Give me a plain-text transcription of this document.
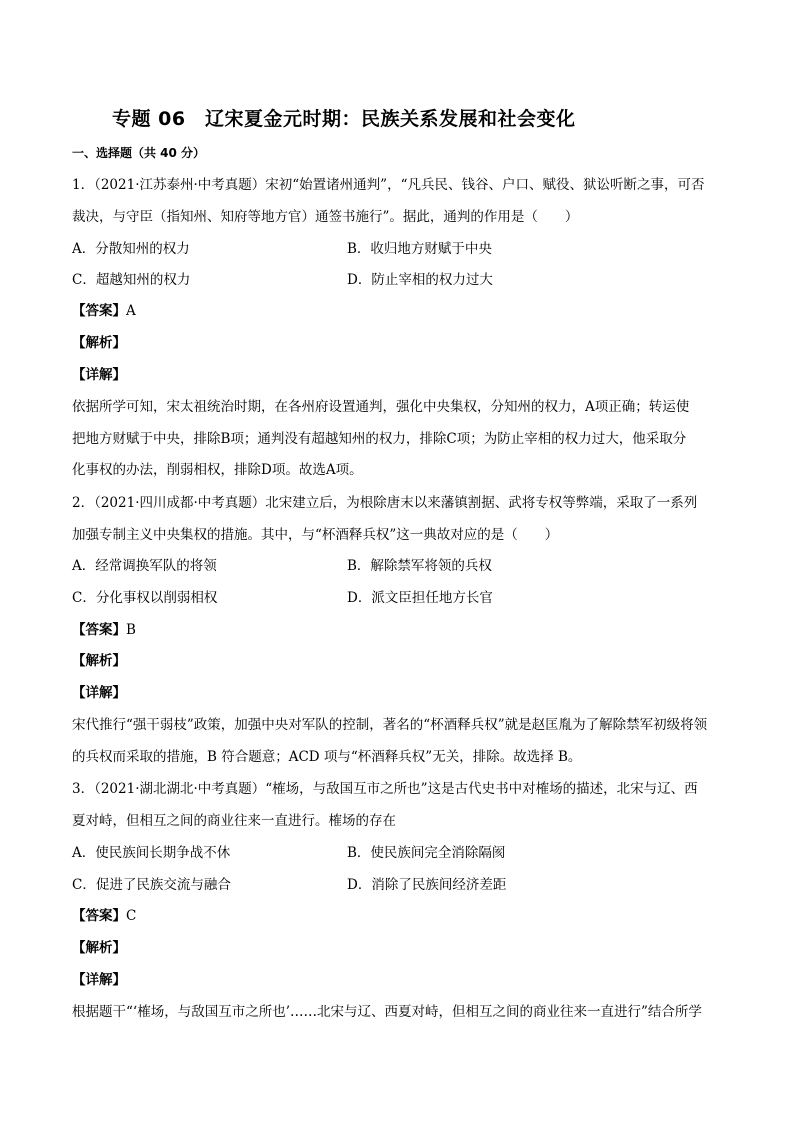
专题 06　辽宋夏金元时期：民族关系发展和社会变化
一、选择题（共 40 分）
1．（2021·江苏泰州·中考真题）宋初“始置诸州通判”，“凡兵民、钱谷、户口、赋役、狱讼听断之事，可否
裁决，与守臣（指知州、知府等地方官）通签书施行”。据此，通判的作用是（　　）
A．分散知州的权力	B．收归地方财赋于中央
C．超越知州的权力	D．防止宰相的权力过大
【答案】A
【解析】
【详解】
依据所学可知，宋太祖统治时期，在各州府设置通判，强化中央集权，分知州的权力，A项正确；转运使
把地方财赋于中央，排除B项；通判没有超越知州的权力，排除C项；为防止宰相的权力过大，他采取分
化事权的办法，削弱相权，排除D项。故选A项。
2．（2021·四川成都·中考真题）北宋建立后，为根除唐末以来藩镇割据、武将专权等弊端，采取了一系列
加强专制主义中央集权的措施。其中，与“杯酒释兵权”这一典故对应的是（　　）
A．经常调换军队的将领	B．解除禁军将领的兵权
C．分化事权以削弱相权	D．派文臣担任地方长官
【答案】B
【解析】
【详解】
宋代推行“强干弱枝”政策，加强中央对军队的控制，著名的“杯酒释兵权”就是赵匡胤为了解除禁军初级将领
的兵权而采取的措施，B 符合题意；ACD 项与“杯酒释兵权”无关，排除。故选择 B。
3．（2021·湖北湖北·中考真题）“榷场，与敌国互市之所也”这是古代史书中对榷场的描述，北宋与辽、西
夏对峙，但相互之间的商业往来一直进行。榷场的存在
A．使民族间长期争战不休	B．使民族间完全消除隔阂
C．促进了民族交流与融合	D．消除了民族间经济差距
【答案】C
【解析】
【详解】
根据题干“‘榷场，与敌国互市之所也’……北宋与辽、西夏对峙，但相互之间的商业往来一直进行”结合所学
